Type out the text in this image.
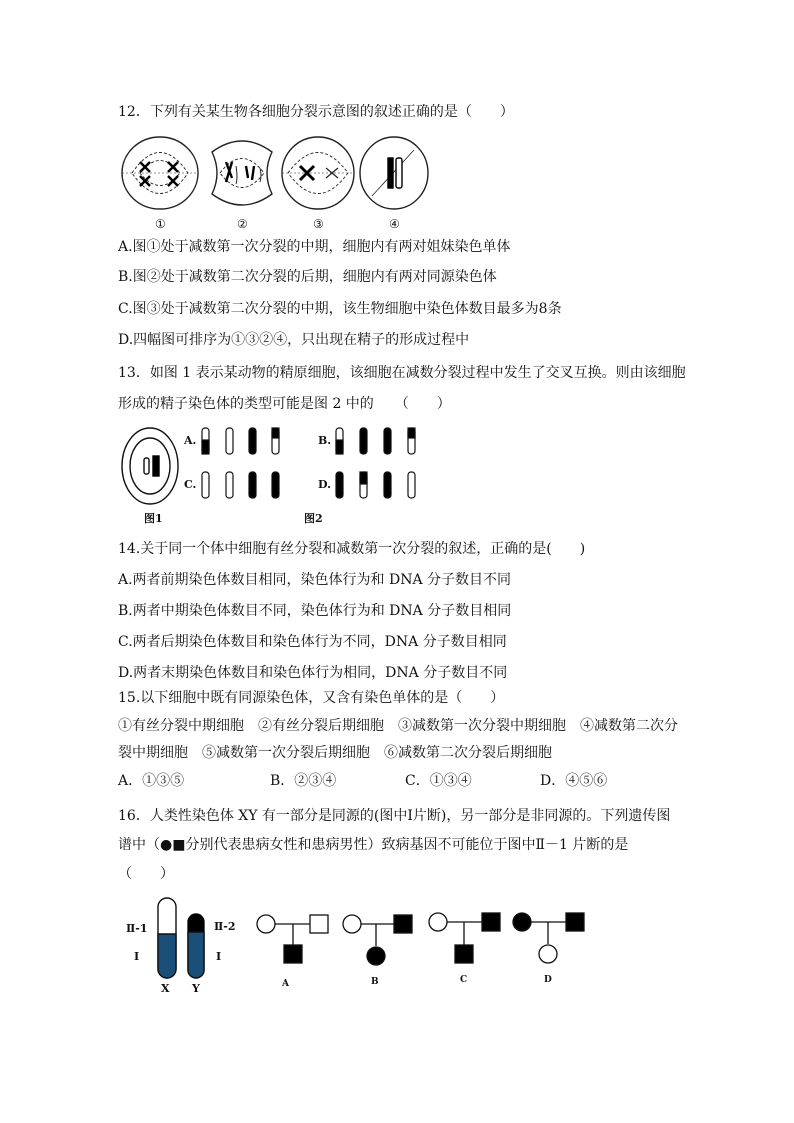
12．下列有关某生物各细胞分裂示意图的叙述正确的是（　　）
①	②	③	④
A.图①处于减数第一次分裂的中期，细胞内有两对姐妹染色单体
B.图②处于减数第二次分裂的后期，细胞内有两对同源染色体
C.图③处于减数第二次分裂的中期，该生物细胞中染色体数目最多为8条
D.四幅图可排序为①③②④，只出现在精子的形成过程中
13．如图 1 表示某动物的精原细胞，该细胞在减数分裂过程中发生了交叉互换。则由该细胞
形成的精子染色体的类型可能是图 2 中的　　（　　）
A.	B.
C.	D.
图1	图2
14.关于同一个体中细胞有丝分裂和减数第一次分裂的叙述，正确的是(　　)
A.两者前期染色体数目相同，染色体行为和 DNA 分子数目不同
B.两者中期染色体数目不同，染色体行为和 DNA 分子数目相同
C.两者后期染色体数目和染色体行为不同，DNA 分子数目相同
D.两者末期染色体数目和染色体行为相同，DNA 分子数目不同
15.以下细胞中既有同源染色体，又含有染色单体的是（　　）
①有丝分裂中期细胞　②有丝分裂后期细胞　③减数第一次分裂中期细胞　④减数第二次分
裂中期细胞　⑤减数第一次分裂后期细胞　⑥减数第二次分裂后期细胞
A．①③⑤	B．②③④	C．①③④	D．④⑤⑥
16．人类性染色体 XY 有一部分是同源的(图中Ⅰ片断)，另一部分是非同源的。下列遗传图
谱中（●■分别代表患病女性和患病男性）致病基因不可能位于图中Ⅱ－1 片断的是
（　　）
Ⅱ-1	Ⅱ-2
I	I
X Y	A	B	C	D
